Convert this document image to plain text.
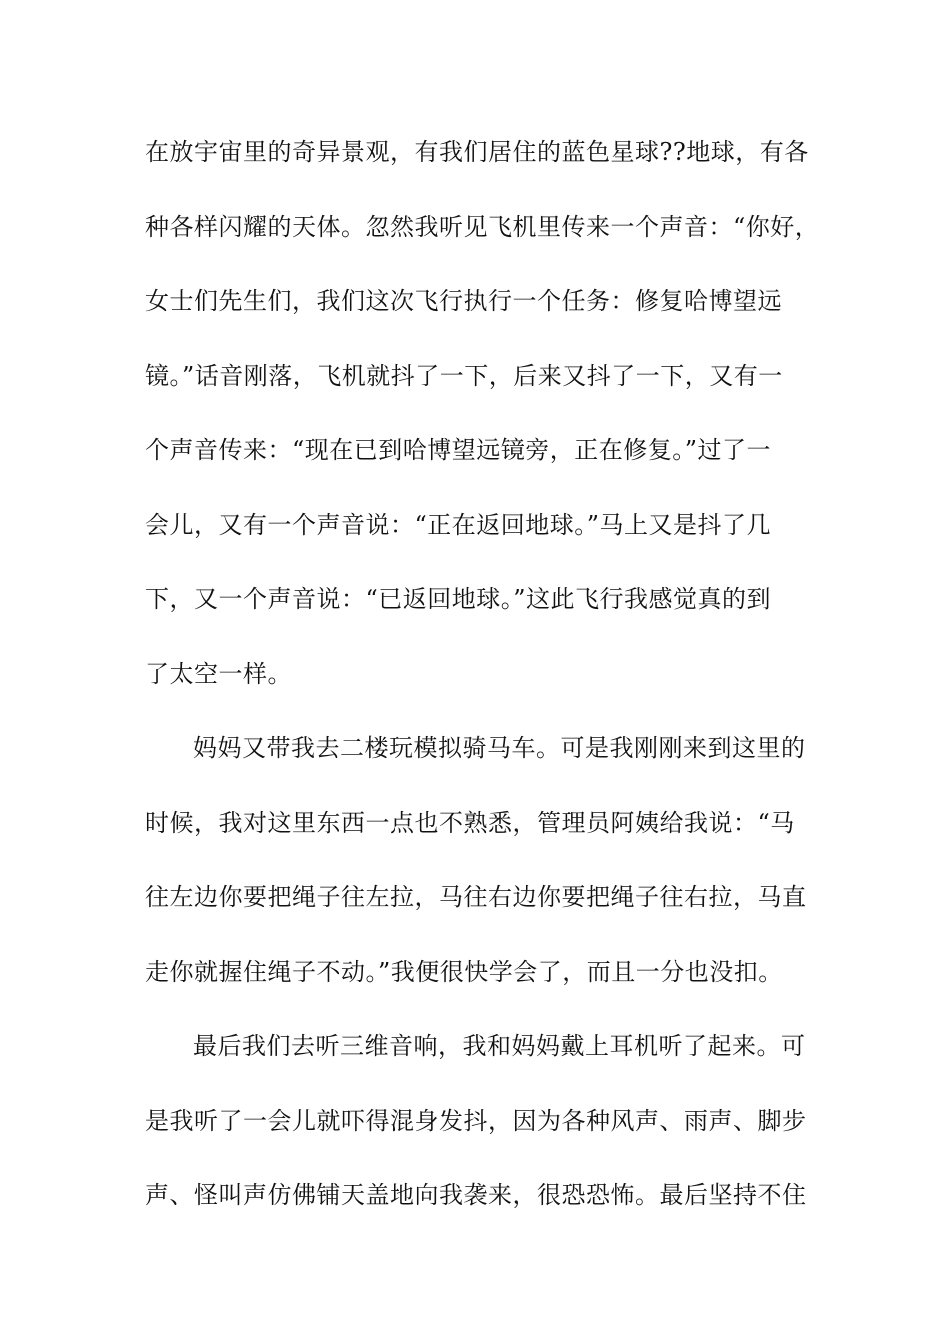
在放宇宙里的奇异景观，有我们居住的蓝色星球??地球，有各
种各样闪耀的天体。忽然我听见飞机里传来一个声音：“你好，
女士们先生们，我们这次飞行执行一个任务：修复哈博望远
镜。”话音刚落，飞机就抖了一下，后来又抖了一下，又有一
个声音传来：“现在已到哈博望远镜旁，正在修复。”过了一
会儿，又有一个声音说：“正在返回地球。”马上又是抖了几
下，又一个声音说：“已返回地球。”这此飞行我感觉真的到
了太空一样。
妈妈又带我去二楼玩模拟骑马车。可是我刚刚来到这里的
时候，我对这里东西一点也不熟悉，管理员阿姨给我说：“马
往左边你要把绳子往左拉，马往右边你要把绳子往右拉，马直
走你就握住绳子不动。”我便很快学会了，而且一分也没扣。
最后我们去听三维音响，我和妈妈戴上耳机听了起来。可
是我听了一会儿就吓得混身发抖，因为各种风声、雨声、脚步
声、怪叫声仿佛铺天盖地向我袭来，很恐恐怖。最后坚持不住
